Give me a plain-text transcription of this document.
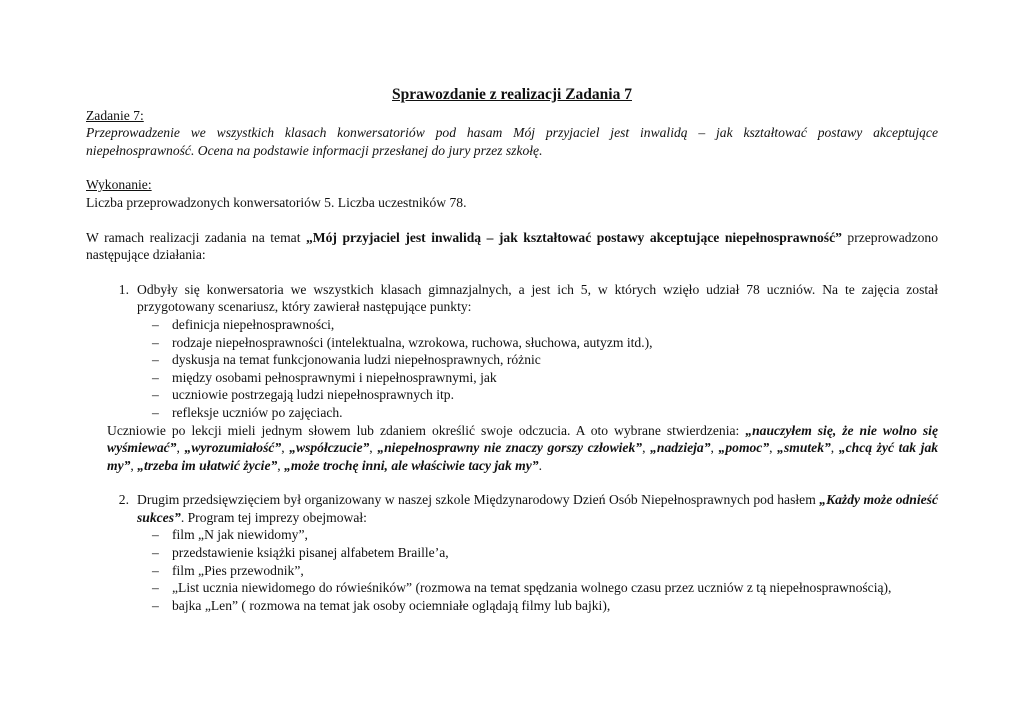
Sprawozdanie z realizacji Zadania 7
Zadanie 7:
Przeprowadzenie we wszystkich klasach konwersatoriów pod hasam Mój przyjaciel jest inwalidą – jak kształtować postawy akceptujące niepełnosprawność. Ocena na podstawie informacji przesłanej do jury przez szkołę.
Wykonanie:
Liczba przeprowadzonych konwersatoriów 5. Liczba uczestników 78.
W ramach realizacji zadania na temat „Mój przyjaciel jest inwalidą – jak kształtować postawy akceptujące niepełnosprawność” przeprowadzono następujące działania:
1. Odbyły się konwersatoria we wszystkich klasach gimnazjalnych, a jest ich 5, w których wzięło udział 78 uczniów. Na te zajęcia został przygotowany scenariusz, który zawierał następujące punkty:
– definicja niepełnosprawności,
– rodzaje niepełnosprawności (intelektualna, wzrokowa, ruchowa, słuchowa, autyzm itd.),
– dyskusja na temat funkcjonowania ludzi niepełnosprawnych, różnic
– między osobami pełnosprawnymi i niepełnosprawnymi, jak
– uczniowie postrzegają ludzi niepełnosprawnych itp.
– refleksje uczniów po zajęciach.
Uczniowie po lekcji mieli jednym słowem lub zdaniem określić swoje odczucia. A oto wybrane stwierdzenia: „nauczyłem się, że nie wolno się wyśmiewać”, „wyrozumiałość”, „współczucie”, „niepełnosprawny nie znaczy gorszy człowiek”, „nadzieja”, „pomoc”, „smutek”, „chcą żyć tak jak my”, „trzeba im ułatwić życie”, „może trochę inni, ale właściwie tacy jak my”.
2. Drugim przedsięwzięciem był organizowany w naszej szkole Międzynarodowy Dzień Osób Niepełnosprawnych pod hasłem „Każdy może odnieść sukces”. Program tej imprezy obejmował:
– film „N jak niewidomy”,
– przedstawienie książki pisanej alfabetem Braille’a,
– film „Pies przewodnik”,
– „List ucznia niewidomego do rówieśników” (rozmowa na temat spędzania wolnego czasu przez uczniów z tą niepełnosprawnością),
– bajka „Len” ( rozmowa na temat jak osoby ociemniałe oglądają filmy lub bajki),
